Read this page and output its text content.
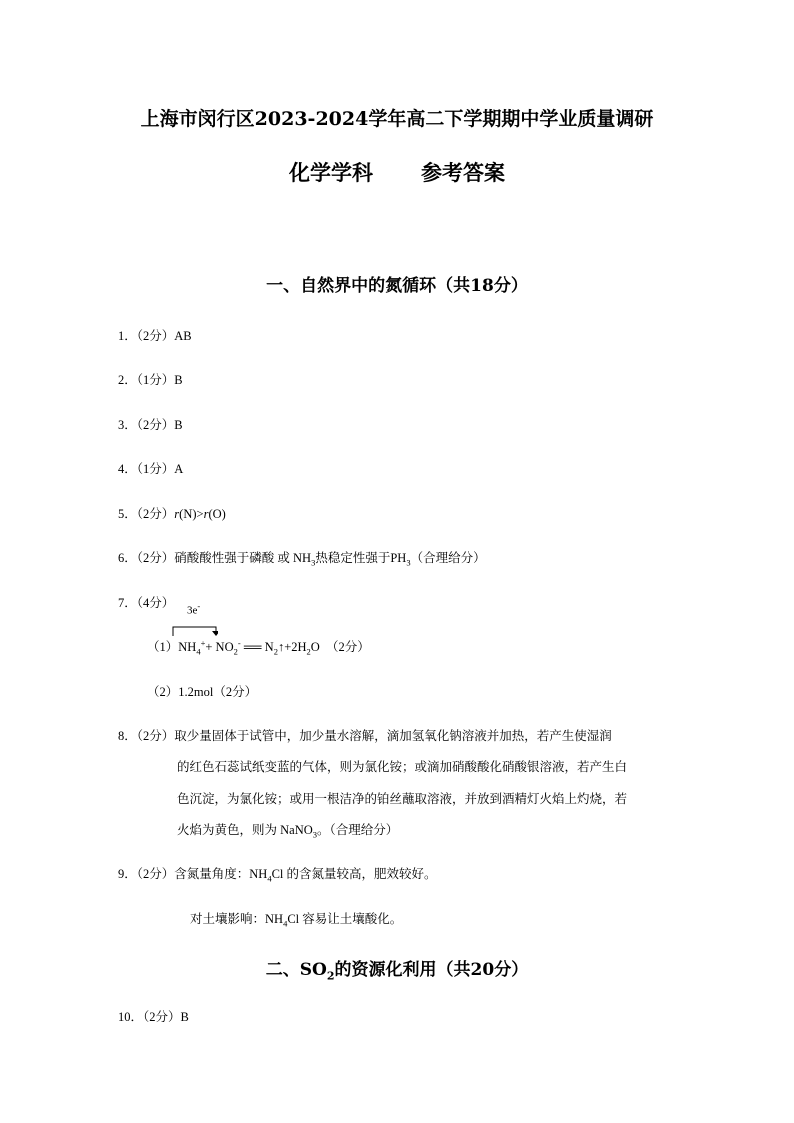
上海市闵行区2023-2024学年高二下学期期中学业质量调研
化学学科 参考答案
一、自然界中的氮循环（共18分）
1．（2分）AB
2．（1分）B
3．（2分）B
4．（1分）A
5．（2分）r(N)>r(O)
6．（2分）硝酸酸性强于磷酸 或 $NH_3$热稳定性强于$PH_3$（合理给分）
7．（4分）
3e-
$(1)NH_4^++ NO_2^-$ ══ $N_2↑+2H_2O$　（2分）
（2）1.2mol（2分）
8．（2分）取少量固体于试管中，加少量水溶解，滴加氢氧化钠溶液并加热，若产生使湿润
的红色石蕊试纸变蓝的气体，则为氯化铵；或滴加硝酸酸化硝酸银溶液，若产生白
色沉淀，为氯化铵；或用一根洁净的铂丝蘸取溶液，并放到酒精灯火焰上灼烧，若
火焰为黄色，则为 NaNO$_3$。（合理给分）
9．（2分）含氮量角度：$NH_4Cl$ 的含氮量较高，肥效较好。
对土壤影响：$NH_4Cl$ 容易让土壤酸化。
二、$SO_2$的资源化利用（共20分）
10．（2分）B
